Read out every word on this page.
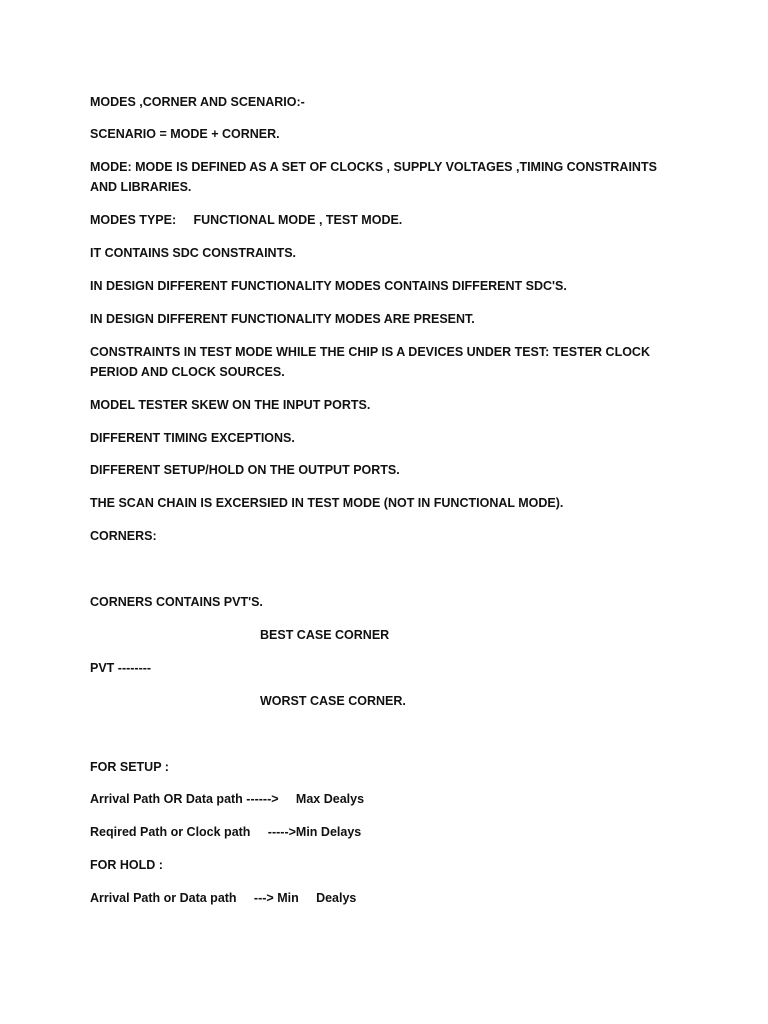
MODES ,CORNER AND SCENARIO:-

SCENARIO = MODE + CORNER.

MODE: MODE IS DEFINED AS A SET OF CLOCKS , SUPPLY VOLTAGES ,TIMING CONSTRAINTS AND LIBRARIES.

MODES TYPE:     FUNCTIONAL MODE , TEST MODE.

IT CONTAINS SDC CONSTRAINTS.

IN DESIGN DIFFERENT FUNCTIONALITY MODES CONTAINS DIFFERENT SDC'S.

IN DESIGN DIFFERENT FUNCTIONALITY MODES ARE PRESENT.

CONSTRAINTS IN TEST MODE WHILE THE CHIP IS A DEVICES UNDER TEST: TESTER CLOCK PERIOD AND CLOCK SOURCES.

MODEL TESTER SKEW ON THE INPUT PORTS.

DIFFERENT TIMING EXCEPTIONS.

DIFFERENT SETUP/HOLD ON THE OUTPUT PORTS.

THE SCAN CHAIN IS EXCERSIED IN TEST MODE (NOT IN FUNCTIONAL MODE).

CORNERS:

CORNERS CONTAINS PVT'S.

BEST CASE CORNER

PVT --------

WORST CASE CORNER.

FOR SETUP :

Arrival Path OR Data path ------>     Max Dealys

Reqired Path or Clock path     ----->Min Delays

FOR HOLD :

Arrival Path or Data path     ---> Min     Dealys
